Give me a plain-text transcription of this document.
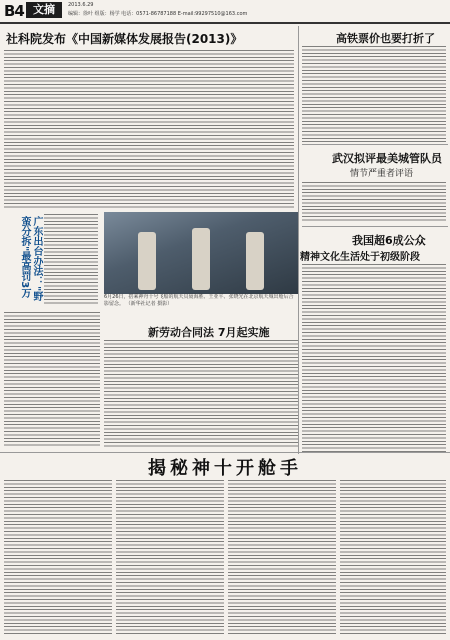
B4 文摘	2013.6.29
编辑：徐叶 组版：杨学 电话：0571-86787188 E-mail:99297510@163.com
社科院发布《中国新媒体发展报告(2013)》	高铁票价也要打折了
武汉拟评最美城管队员
情节严重者评语
我国超6成公众
精神文化生活处于初级阶段
广东出台办法："野蛮分拆"最高罚3万	6月26日，搭乘神舟十号飞船的航天员聂海胜、王亚平、张晓光在北京航天城出舱后合影留念。 （新华社记者 摄影）
新劳动合同法 7月起实施
揭秘神十开舱手
